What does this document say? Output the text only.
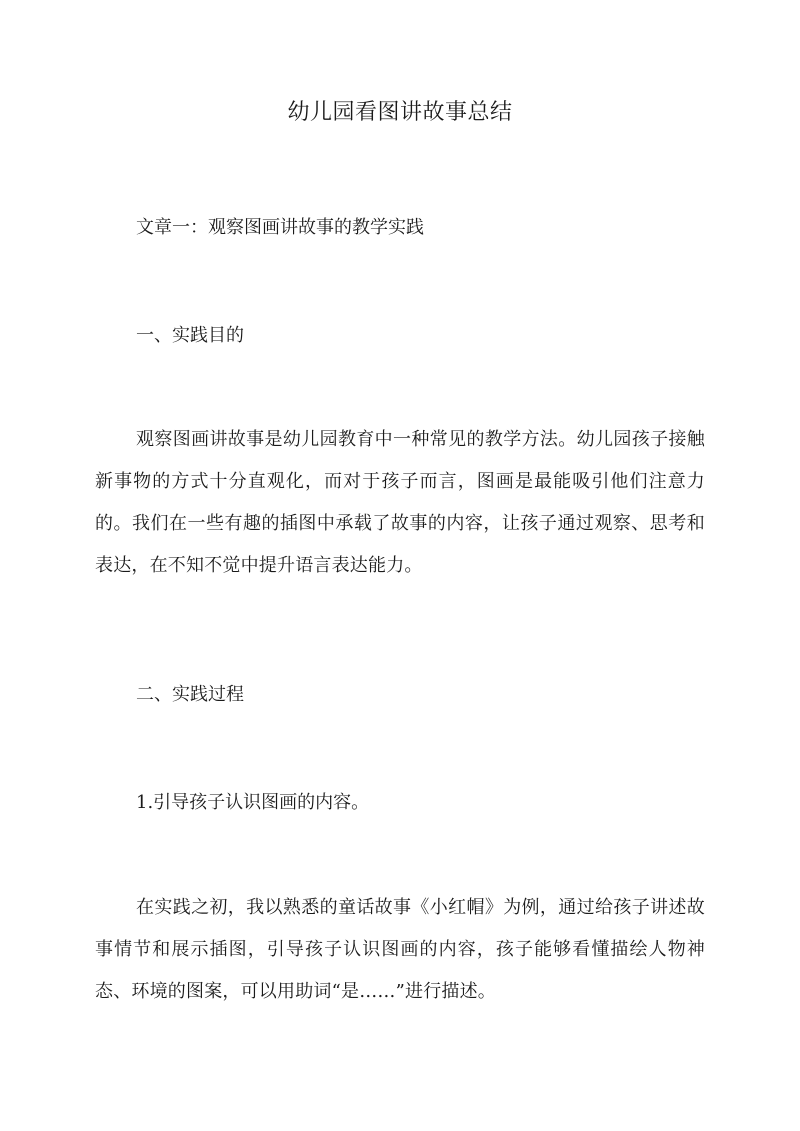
幼儿园看图讲故事总结

文章一：观察图画讲故事的教学实践

一、实践目的

观察图画讲故事是幼儿园教育中一种常见的教学方法。幼儿园孩子接触新事物的方式十分直观化，而对于孩子而言，图画是最能吸引他们注意力的。我们在一些有趣的插图中承载了故事的内容，让孩子通过观察、思考和表达，在不知不觉中提升语言表达能力。

二、实践过程

1.引导孩子认识图画的内容。

在实践之初，我以熟悉的童话故事《小红帽》为例，通过给孩子讲述故事情节和展示插图，引导孩子认识图画的内容，孩子能够看懂描绘人物神态、环境的图案，可以用助词“是……”进行描述。
